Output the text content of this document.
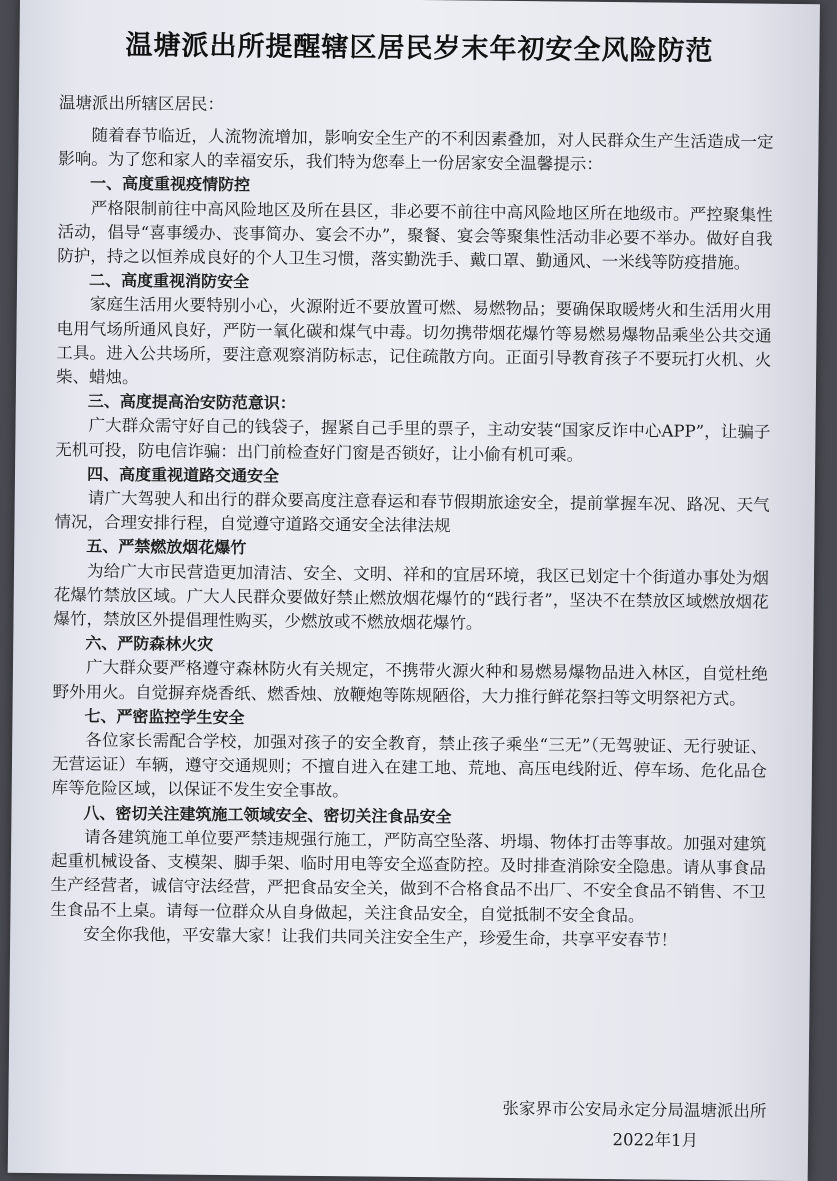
温塘派出所提醒辖区居民岁末年初安全风险防范
温塘派出所辖区居民：

随着春节临近，人流物流增加，影响安全生产的不利因素叠加，对人民群众生产生活造成一定影响。为了您和家人的幸福安乐，我们特为您奉上一份居家安全温馨提示：

一、高度重视疫情防控

严格限制前往中高风险地区及所在县区，非必要不前往中高风险地区所在地级市。严控聚集性活动，倡导“喜事缓办、丧事简办、宴会不办”，聚餐、宴会等聚集性活动非必要不举办。做好自我防护，持之以恒养成良好的个人卫生习惯，落实勤洗手、戴口罩、勤通风、一米线等防疫措施。

二、高度重视消防安全

家庭生活用火要特别小心，火源附近不要放置可燃、易燃物品；要确保取暖烤火和生活用火用电用气场所通风良好，严防一氧化碳和煤气中毒。切勿携带烟花爆竹等易燃易爆物品乘坐公共交通工具。进入公共场所，要注意观察消防标志，记住疏散方向。正面引导教育孩子不要玩打火机、火柴、蜡烛。

三、高度提高治安防范意识：

广大群众需守好自己的钱袋子，握紧自己手里的票子，主动安装“国家反诈中心APP”，让骗子无机可投，防电信诈骗：出门前检查好门窗是否锁好，让小偷有机可乘。

四、高度重视道路交通安全

请广大驾驶人和出行的群众要高度注意春运和春节假期旅途安全，提前掌握车况、路况、天气情况，合理安排行程，自觉遵守道路交通安全法律法规

五、严禁燃放烟花爆竹

为给广大市民营造更加清洁、安全、文明、祥和的宜居环境，我区已划定十个街道办事处为烟花爆竹禁放区域。广大人民群众要做好禁止燃放烟花爆竹的“践行者”，坚决不在禁放区域燃放烟花爆竹，禁放区外提倡理性购买，少燃放或不燃放烟花爆竹。

六、严防森林火灾

广大群众要严格遵守森林防火有关规定，不携带火源火种和易燃易爆物品进入林区，自觉杜绝野外用火。自觉摒弃烧香纸、燃香烛、放鞭炮等陈规陋俗，大力推行鲜花祭扫等文明祭祀方式。

七、严密监控学生安全

各位家长需配合学校，加强对孩子的安全教育，禁止孩子乘坐“三无”（无驾驶证、无行驶证、无营运证）车辆，遵守交通规则；不擅自进入在建工地、荒地、高压电线附近、停车场、危化品仓库等危险区域，以保证不发生安全事故。

八、密切关注建筑施工领域安全、密切关注食品安全

请各建筑施工单位要严禁违规强行施工，严防高空坠落、坍塌、物体打击等事故。加强对建筑起重机械设备、支模架、脚手架、临时用电等安全巡查防控。及时排查消除安全隐患。请从事食品生产经营者，诚信守法经营，严把食品安全关，做到不合格食品不出厂、不安全食品不销售、不卫生食品不上桌。请每一位群众从自身做起，关注食品安全，自觉抵制不安全食品。

安全你我他，平安靠大家！让我们共同关注安全生产，珍爱生命，共享平安春节！

张家界市公安局永定分局温塘派出所
2022年1月
